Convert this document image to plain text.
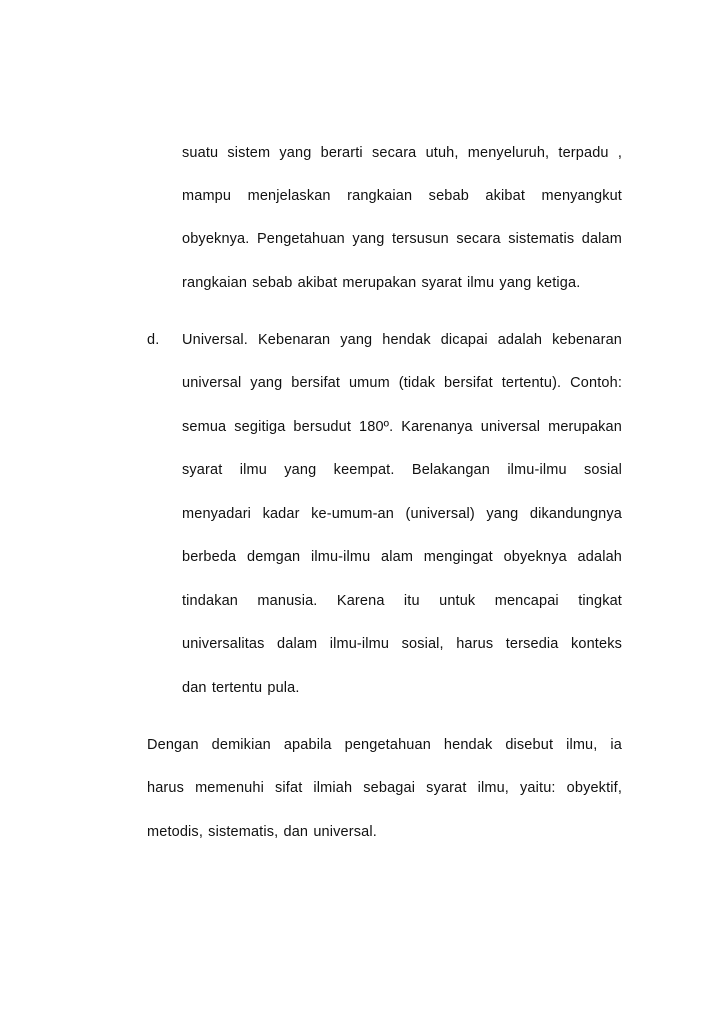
suatu sistem yang berarti secara utuh, menyeluruh, terpadu ,
mampu menjelaskan rangkaian sebab akibat menyangkut
obyeknya. Pengetahuan yang tersusun secara sistematis dalam
rangkaian sebab akibat merupakan syarat ilmu yang ketiga.
d. Universal. Kebenaran yang hendak dicapai adalah kebenaran
universal yang bersifat umum (tidak bersifat tertentu). Contoh:
semua segitiga bersudut 180º. Karenanya universal merupakan
syarat ilmu yang keempat. Belakangan ilmu-ilmu sosial
menyadari kadar ke-umum-an (universal) yang dikandungnya
berbeda demgan ilmu-ilmu alam mengingat obyeknya adalah
tindakan manusia. Karena itu untuk mencapai tingkat
universalitas dalam ilmu-ilmu sosial, harus tersedia konteks
dan tertentu pula.
Dengan demikian apabila pengetahuan hendak disebut ilmu, ia
harus memenuhi sifat ilmiah sebagai syarat ilmu, yaitu: obyektif,
metodis, sistematis, dan universal.
